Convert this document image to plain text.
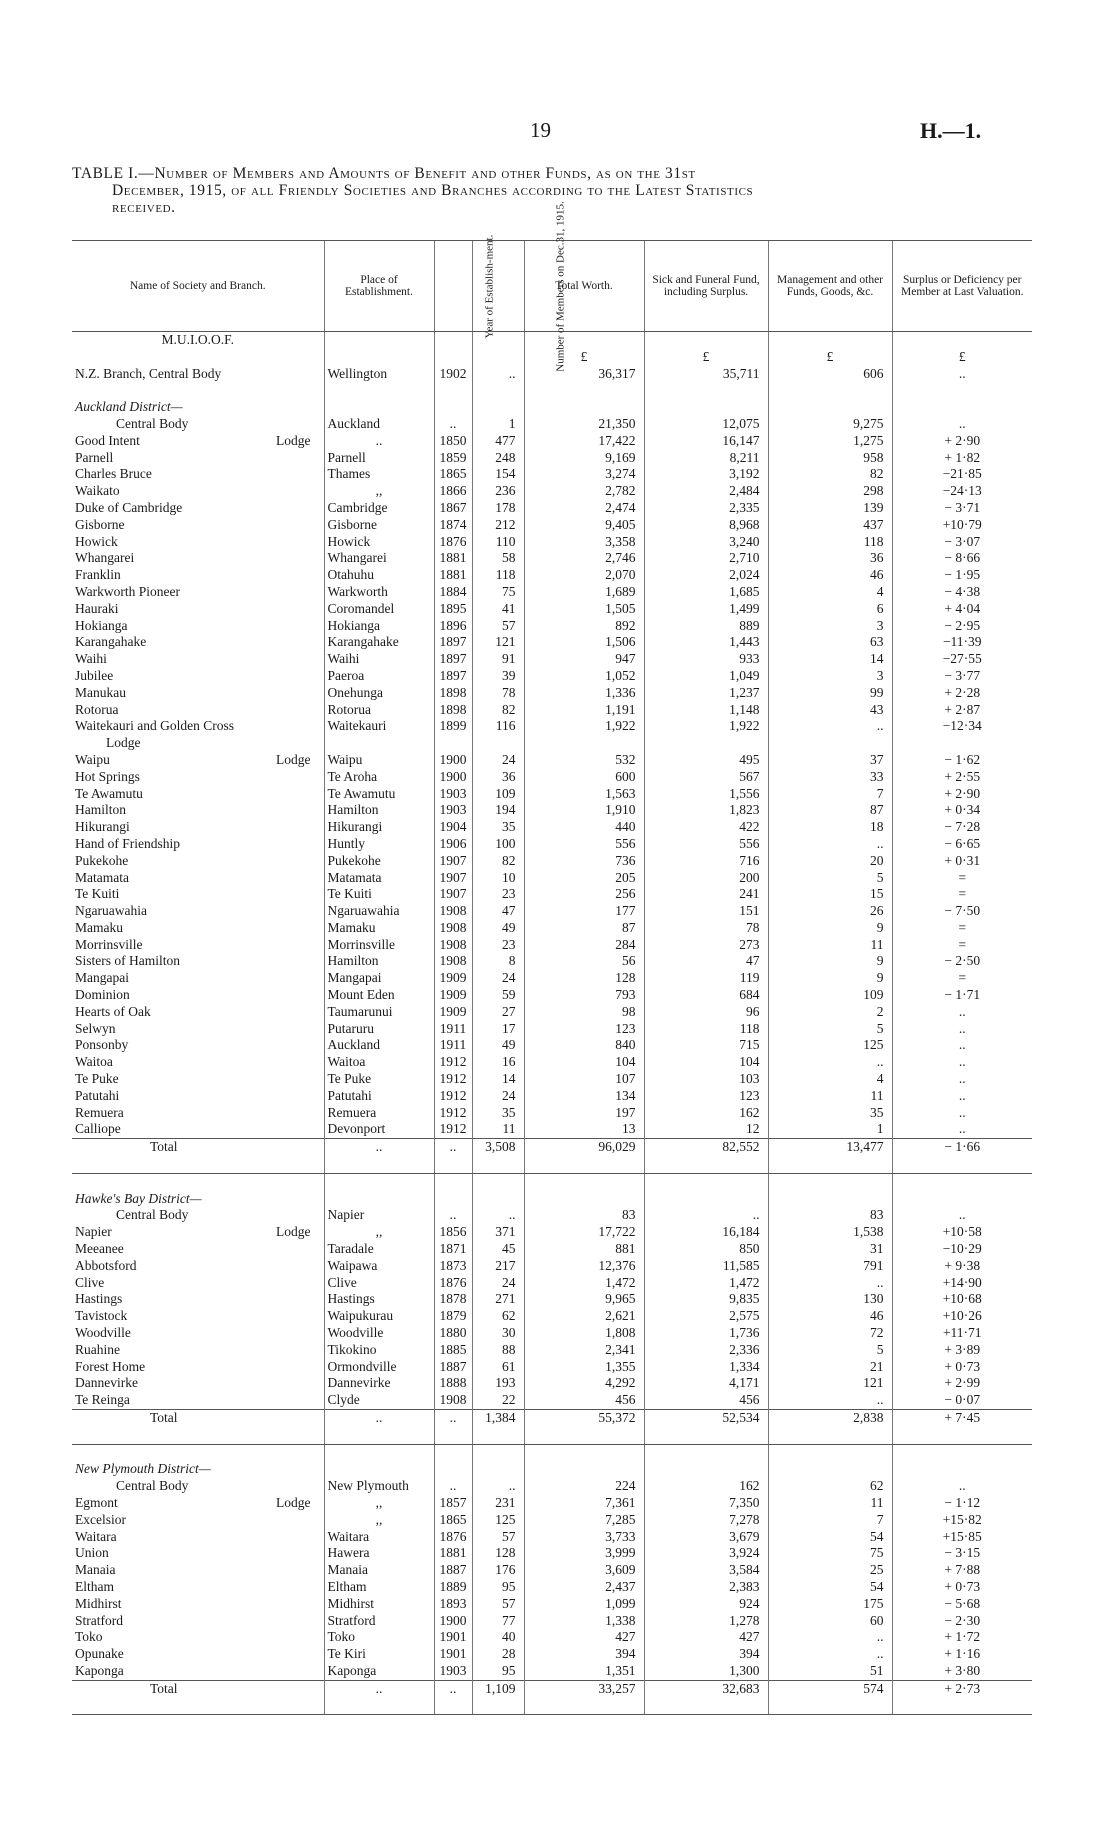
19	H.—1.
TABLE I.—Number of Members and Amounts of Benefit and other Funds, as on the 31st
December, 1915, of all Friendly Societies and Branches according to the Latest Statistics
received.
Name of Society and Branch.	Place of Establishment.	Year of Establish-ment.	Number of Members on Dec.31, 1915.	Total Worth.	Sick and Funeral Fund, including Surplus.	Management and other Funds, Goods, &c.	Surplus or Deficiency per Member at Last Valuation.
M.U.I.O.O.F.							
				£	£	£	£
N.Z. Branch, Central Body	Wellington	1902	..	36,317	35,711	606	..

Auckland District—							
Central Body	Auckland	..	1	21,350	12,075	9,275	..
Good Intent Lodge	..	1850	477	17,422	16,147	1,275	+ 2·90
Parnell	Parnell	1859	248	9,169	8,211	958	+ 1·82
Charles Bruce	Thames	1865	154	3,274	3,192	82	−21·85
Waikato	,,	1866	236	2,782	2,484	298	−24·13
Duke of Cambridge	Cambridge	1867	178	2,474	2,335	139	− 3·71
Gisborne	Gisborne	1874	212	9,405	8,968	437	+10·79
Howick	Howick	1876	110	3,358	3,240	118	− 3·07
Whangarei	Whangarei	1881	58	2,746	2,710	36	− 8·66
Franklin	Otahuhu	1881	118	2,070	2,024	46	− 1·95
Warkworth Pioneer	Warkworth	1884	75	1,689	1,685	4	− 4·38
Hauraki	Coromandel	1895	41	1,505	1,499	6	+ 4·04
Hokianga	Hokianga	1896	57	892	889	3	− 2·95
Karangahake	Karangahake	1897	121	1,506	1,443	63	−11·39
Waihi	Waihi	1897	91	947	933	14	−27·55
Jubilee	Paeroa	1897	39	1,052	1,049	3	− 3·77
Manukau	Onehunga	1898	78	1,336	1,237	99	+ 2·28
Rotorua	Rotorua	1898	82	1,191	1,148	43	+ 2·87
Waitekauri and Golden Cross	Waitekauri	1899	116	1,922	1,922	..	−12·34
Lodge							
Waipu Lodge	Waipu	1900	24	532	495	37	− 1·62
Hot Springs	Te Aroha	1900	36	600	567	33	+ 2·55
Te Awamutu	Te Awamutu	1903	109	1,563	1,556	7	+ 2·90
Hamilton	Hamilton	1903	194	1,910	1,823	87	+ 0·34
Hikurangi	Hikurangi	1904	35	440	422	18	− 7·28
Hand of Friendship	Huntly	1906	100	556	556	..	− 6·65
Pukekohe	Pukekohe	1907	82	736	716	20	+ 0·31
Matamata	Matamata	1907	10	205	200	5	=
Te Kuiti	Te Kuiti	1907	23	256	241	15	=
Ngaruawahia	Ngaruawahia	1908	47	177	151	26	− 7·50
Mamaku	Mamaku	1908	49	87	78	9	=
Morrinsville	Morrinsville	1908	23	284	273	11	=
Sisters of Hamilton	Hamilton	1908	8	56	47	9	− 2·50
Mangapai	Mangapai	1909	24	128	119	9	=
Dominion	Mount Eden	1909	59	793	684	109	− 1·71
Hearts of Oak	Taumarunui	1909	27	98	96	2	..
Selwyn	Putaruru	1911	17	123	118	5	..
Ponsonby	Auckland	1911	49	840	715	125	..
Waitoa	Waitoa	1912	16	104	104	..	..
Te Puke	Te Puke	1912	14	107	103	4	..
Patutahi	Patutahi	1912	24	134	123	11	..
Remuera	Remuera	1912	35	197	162	35	..
Calliope	Devonport	1912	11	13	12	1	..
Total	..	..	3,508	96,029	82,552	13,477	− 1·66

Hawke's Bay District—							
Central Body	Napier	..	..	83	..	83	..
Napier Lodge	,,	1856	371	17,722	16,184	1,538	+10·58
Meeanee	Taradale	1871	45	881	850	31	−10·29
Abbotsford	Waipawa	1873	217	12,376	11,585	791	+ 9·38
Clive	Clive	1876	24	1,472	1,472	..	+14·90
Hastings	Hastings	1878	271	9,965	9,835	130	+10·68
Tavistock	Waipukurau	1879	62	2,621	2,575	46	+10·26
Woodville	Woodville	1880	30	1,808	1,736	72	+11·71
Ruahine	Tikokino	1885	88	2,341	2,336	5	+ 3·89
Forest Home	Ormondville	1887	61	1,355	1,334	21	+ 0·73
Dannevirke	Dannevirke	1888	193	4,292	4,171	121	+ 2·99
Te Reinga	Clyde	1908	22	456	456	..	− 0·07
Total	..	..	1,384	55,372	52,534	2,838	+ 7·45

New Plymouth District—							
Central Body	New Plymouth	..	..	224	162	62	..
Egmont Lodge	,,	1857	231	7,361	7,350	11	− 1·12
Excelsior	,,	1865	125	7,285	7,278	7	+15·82
Waitara	Waitara	1876	57	3,733	3,679	54	+15·85
Union	Hawera	1881	128	3,999	3,924	75	− 3·15
Manaia	Manaia	1887	176	3,609	3,584	25	+ 7·88
Eltham	Eltham	1889	95	2,437	2,383	54	+ 0·73
Midhirst	Midhirst	1893	57	1,099	924	175	− 5·68
Stratford	Stratford	1900	77	1,338	1,278	60	− 2·30
Toko	Toko	1901	40	427	427	..	+ 1·72
Opunake	Te Kiri	1901	28	394	394	..	+ 1·16
Kaponga	Kaponga	1903	95	1,351	1,300	51	+ 3·80
Total	..	..	1,109	33,257	32,683	574	+ 2·73
